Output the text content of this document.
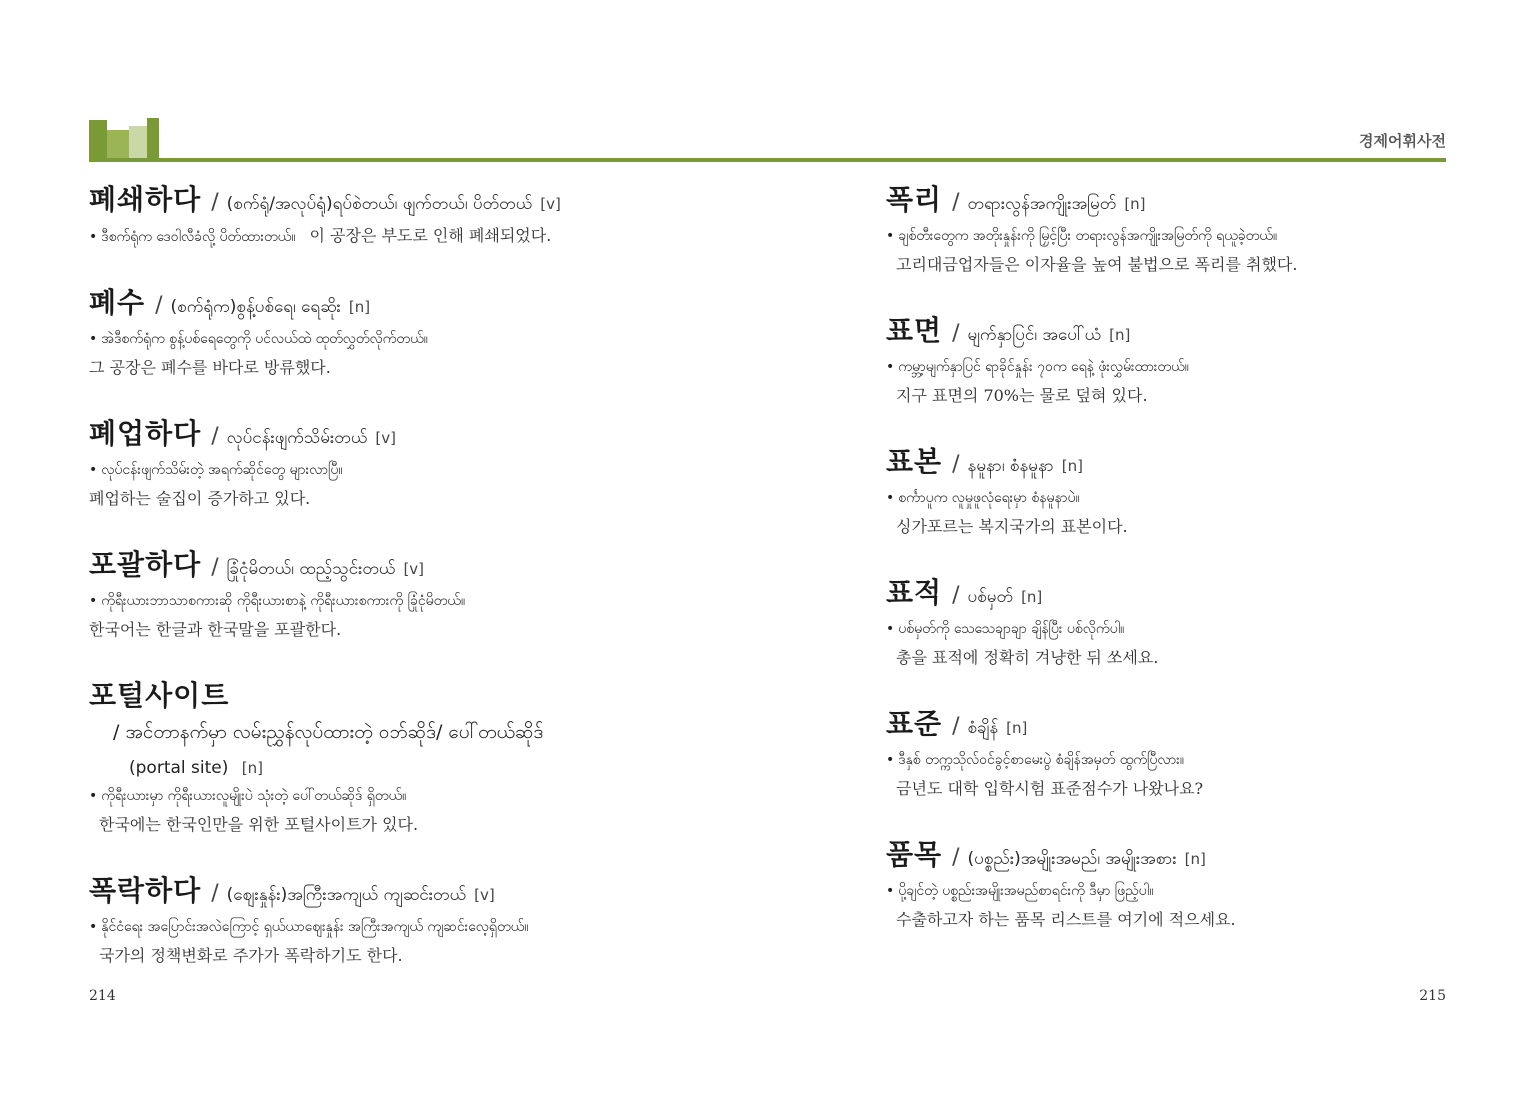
경제어휘사전
폐쇄하다 / (စက်ရုံ/အလုပ်ရုံ)ရပ်စဲတယ်၊ ဖျက်တယ်၊ ပိတ်တယ် [v]
• ဒီစက်ရုံက ဒေဝါလီခံလို့ ပိတ်ထားတယ်။ 이 공장은 부도로 인해 폐쇄되었다.
폐수 / (စက်ရုံက)စွန့်ပစ်ရေ၊ ရေဆိုး [n]
• အဲဒီစက်ရုံက စွန့်ပစ်ရေတွေကို ပင်လယ်ထဲ ထုတ်လွှတ်လိုက်တယ်။
그 공장은 폐수를 바다로 방류했다.
폐업하다 / လုပ်ငန်းဖျက်သိမ်းတယ် [v]
• လုပ်ငန်းဖျက်သိမ်းတဲ့ အရက်ဆိုင်တွေ များလာပြီ။
폐업하는 술집이 증가하고 있다.
포괄하다 / ခြုံငုံမိတယ်၊ ထည့်သွင်းတယ် [v]
• ကိုရီးယားဘာသာစကားဆို ကိုရီးယားစာနဲ့ ကိုရီးယားစကားကို ခြုံငုံမိတယ်။
한국어는 한글과 한국말을 포괄한다.
포털사이트
/ အင်တာနက်မှာ လမ်းညွှန်လုပ်ထားတဲ့ ဝဘ်ဆိုဒ်/ ပေါ်တယ်ဆိုဒ်
(portal site) [n]
• ကိုရီးယားမှာ ကိုရီးယားလူမျိုးပဲ သုံးတဲ့ ပေါ်တယ်ဆိုဒ် ရှိတယ်။
한국에는 한국인만을 위한 포털사이트가 있다.
폭락하다 / (ဈေးနှုန်း)အကြီးအကျယ် ကျဆင်းတယ် [v]
• နိုင်ငံရေး အပြောင်းအလဲကြောင့် ရှယ်ယာဈေးနှုန်း အကြီးအကျယ် ကျဆင်းလေ့ရှိတယ်။
국가의 정책변화로 주가가 폭락하기도 한다.
폭리 / တရားလွန်အကျိုးအမြတ် [n]
• ချစ်တီးတွေက အတိုးနှုန်းကို မြှင့်ပြီး တရားလွန်အကျိုးအမြတ်ကို ရယူခဲ့တယ်။
고리대금업자들은 이자율을 높여 불법으로 폭리를 취했다.
표면 / မျက်နှာပြင်၊ အပေါ်ယံ [n]
• ကမ္ဘာ့မျက်နှာပြင် ရာခိုင်နှုန်း ၇၀က ရေနဲ့ ဖုံးလွှမ်းထားတယ်။
지구 표면의 70%는 물로 덮혀 있다.
표본 / နမူနာ၊ စံနမူနာ [n]
• စင်္ကာပူက လူမှုဖူလုံရေးမှာ စံနမူနာပဲ။
싱가포르는 복지국가의 표본이다.
표적 / ပစ်မှတ် [n]
• ပစ်မှတ်ကို သေသေချာချာ ချိန်ပြီး ပစ်လိုက်ပါ။
총을 표적에 정확히 겨냥한 뒤 쏘세요.
표준 / စံချိန် [n]
• ဒီနှစ် တက္ကသိုလ်ဝင်ခွင့်စာမေးပွဲ စံချိန်အမှတ် ထွက်ပြီလား။
금년도 대학 입학시험 표준점수가 나왔나요?
품목 / (ပစ္စည်း)အမျိုးအမည်၊ အမျိုးအစား [n]
• ပို့ချင်တဲ့ ပစ္စည်းအမျိုးအမည်စာရင်းကို ဒီမှာ ဖြည့်ပါ။
수출하고자 하는 품목 리스트를 여기에 적으세요.
214	215
